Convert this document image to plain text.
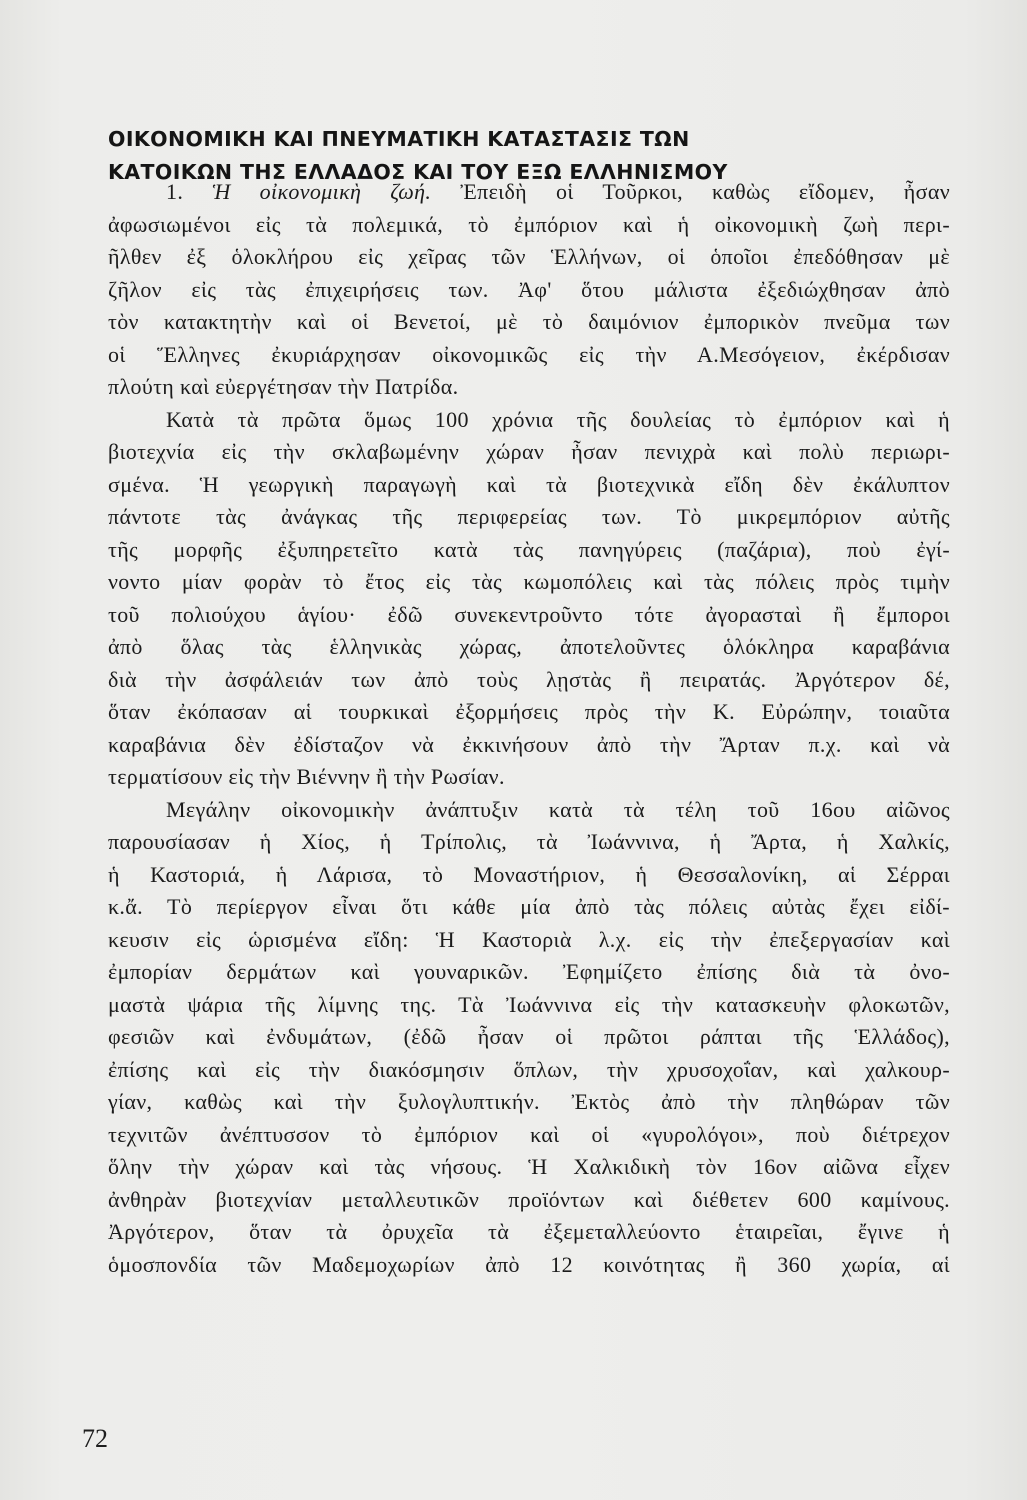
ΟΙΚΟΝΟΜΙΚΗ ΚΑΙ ΠΝΕΥΜΑΤΙΚΗ ΚΑΤΑΣΤΑΣΙΣ ΤΩΝ
ΚΑΤΟΙΚΩΝ ΤΗΣ ΕΛΛΑΔΟΣ ΚΑΙ ΤΟΥ ΕΞΩ ΕΛΛΗΝΙΣΜΟΥ
1. Ἡ οἰκονομικὴ ζωή. Ἐπειδὴ οἱ Τοῦρκοι, καθὼς εἴδομεν, ἦσαν
ἀφωσιωμένοι εἰς τὰ πολεμικά, τὸ ἐμπόριον καὶ ἡ οἰκονομικὴ ζωὴ περι-
ῆλθεν ἐξ ὁλοκλήρου εἰς χεῖρας τῶν Ἑλλήνων, οἱ ὁποῖοι ἐπεδόθησαν μὲ
ζῆλον εἰς τὰς ἐπιχειρήσεις των. Ἀφ' ὅτου μάλιστα ἐξεδιώχθησαν ἀπὸ
τὸν κατακτητὴν καὶ οἱ Βενετοί, μὲ τὸ δαιμόνιον ἐμπορικὸν πνεῦμα των
οἱ Ἕλληνες ἐκυριάρχησαν οἰκονομικῶς εἰς τὴν Α.Μεσόγειον, ἐκέρδισαν
πλούτη καὶ εὐεργέτησαν τὴν Πατρίδα.
Κατὰ τὰ πρῶτα ὅμως 100 χρόνια τῆς δουλείας τὸ ἐμπόριον καὶ ἡ
βιοτεχνία εἰς τὴν σκλαβωμένην χώραν ἦσαν πενιχρὰ καὶ πολὺ περιωρι-
σμένα. Ἡ γεωργικὴ παραγωγὴ καὶ τὰ βιοτεχνικὰ εἴδη δὲν ἐκάλυπτον
πάντοτε τὰς ἀνάγκας τῆς περιφερείας των. Τὸ μικρεμπόριον αὐτῆς
τῆς μορφῆς ἐξυπηρετεῖτο κατὰ τὰς πανηγύρεις (παζάρια), ποὺ ἐγί-
νοντο μίαν φορὰν τὸ ἔτος εἰς τὰς κωμοπόλεις καὶ τὰς πόλεις πρὸς τιμὴν
τοῦ πολιούχου ἁγίου· ἐδῶ συνεκεντροῦντο τότε ἀγορασταὶ ἢ ἔμποροι
ἀπὸ ὅλας τὰς ἑλληνικὰς χώρας, ἀποτελοῦντες ὁλόκληρα καραβάνια
διὰ τὴν ἀσφάλειάν των ἀπὸ τοὺς λῃστὰς ἢ πειρατάς. Ἀργότερον δέ,
ὅταν ἐκόπασαν αἱ τουρκικαὶ ἐξορμήσεις πρὸς τὴν Κ. Εὐρώπην, τοιαῦτα
καραβάνια δὲν ἐδίσταζον νὰ ἐκκινήσουν ἀπὸ τὴν Ἄρταν π.χ. καὶ νὰ
τερματίσουν εἰς τὴν Βιέννην ἢ τὴν Ρωσίαν.
Μεγάλην οἰκονομικὴν ἀνάπτυξιν κατὰ τὰ τέλη τοῦ 16ου αἰῶνος
παρουσίασαν ἡ Χίος, ἡ Τρίπολις, τὰ Ἰωάννινα, ἡ Ἄρτα, ἡ Χαλκίς,
ἡ Καστοριά, ἡ Λάρισα, τὸ Μοναστήριον, ἡ Θεσσαλονίκη, αἱ Σέρραι
κ.ἄ. Τὸ περίεργον εἶναι ὅτι κάθε μία ἀπὸ τὰς πόλεις αὐτὰς ἔχει εἰδί-
κευσιν εἰς ὡρισμένα εἴδη: Ἡ Καστοριὰ λ.χ. εἰς τὴν ἐπεξεργασίαν καὶ
ἐμπορίαν δερμάτων καὶ γουναρικῶν. Ἐφημίζετο ἐπίσης διὰ τὰ ὀνο-
μαστὰ ψάρια τῆς λίμνης της. Τὰ Ἰωάννινα εἰς τὴν κατασκευὴν φλοκωτῶν,
φεσιῶν καὶ ἐνδυμάτων, (ἐδῶ ἦσαν οἱ πρῶτοι ράπται τῆς Ἑλλάδος),
ἐπίσης καὶ εἰς τὴν διακόσμησιν ὅπλων, τὴν χρυσοχοΐαν, καὶ χαλκουρ-
γίαν, καθὼς καὶ τὴν ξυλογλυπτικήν. Ἐκτὸς ἀπὸ τὴν πληθώραν τῶν
τεχνιτῶν ἀνέπτυσσον τὸ ἐμπόριον καὶ οἱ «γυρολόγοι», ποὺ διέτρεχον
ὅλην τὴν χώραν καὶ τὰς νήσους. Ἡ Χαλκιδικὴ τὸν 16ον αἰῶνα εἶχεν
ἀνθηρὰν βιοτεχνίαν μεταλλευτικῶν προϊόντων καὶ διέθετεν 600 καμίνους.
Ἀργότερον, ὅταν τὰ ὀρυχεῖα τὰ ἐξεμεταλλεύοντο ἑταιρεῖαι, ἔγινε ἡ
ὁμοσπονδία τῶν Μαδεμοχωρίων ἀπὸ 12 κοινότητας ἢ 360 χωρία, αἱ
72
